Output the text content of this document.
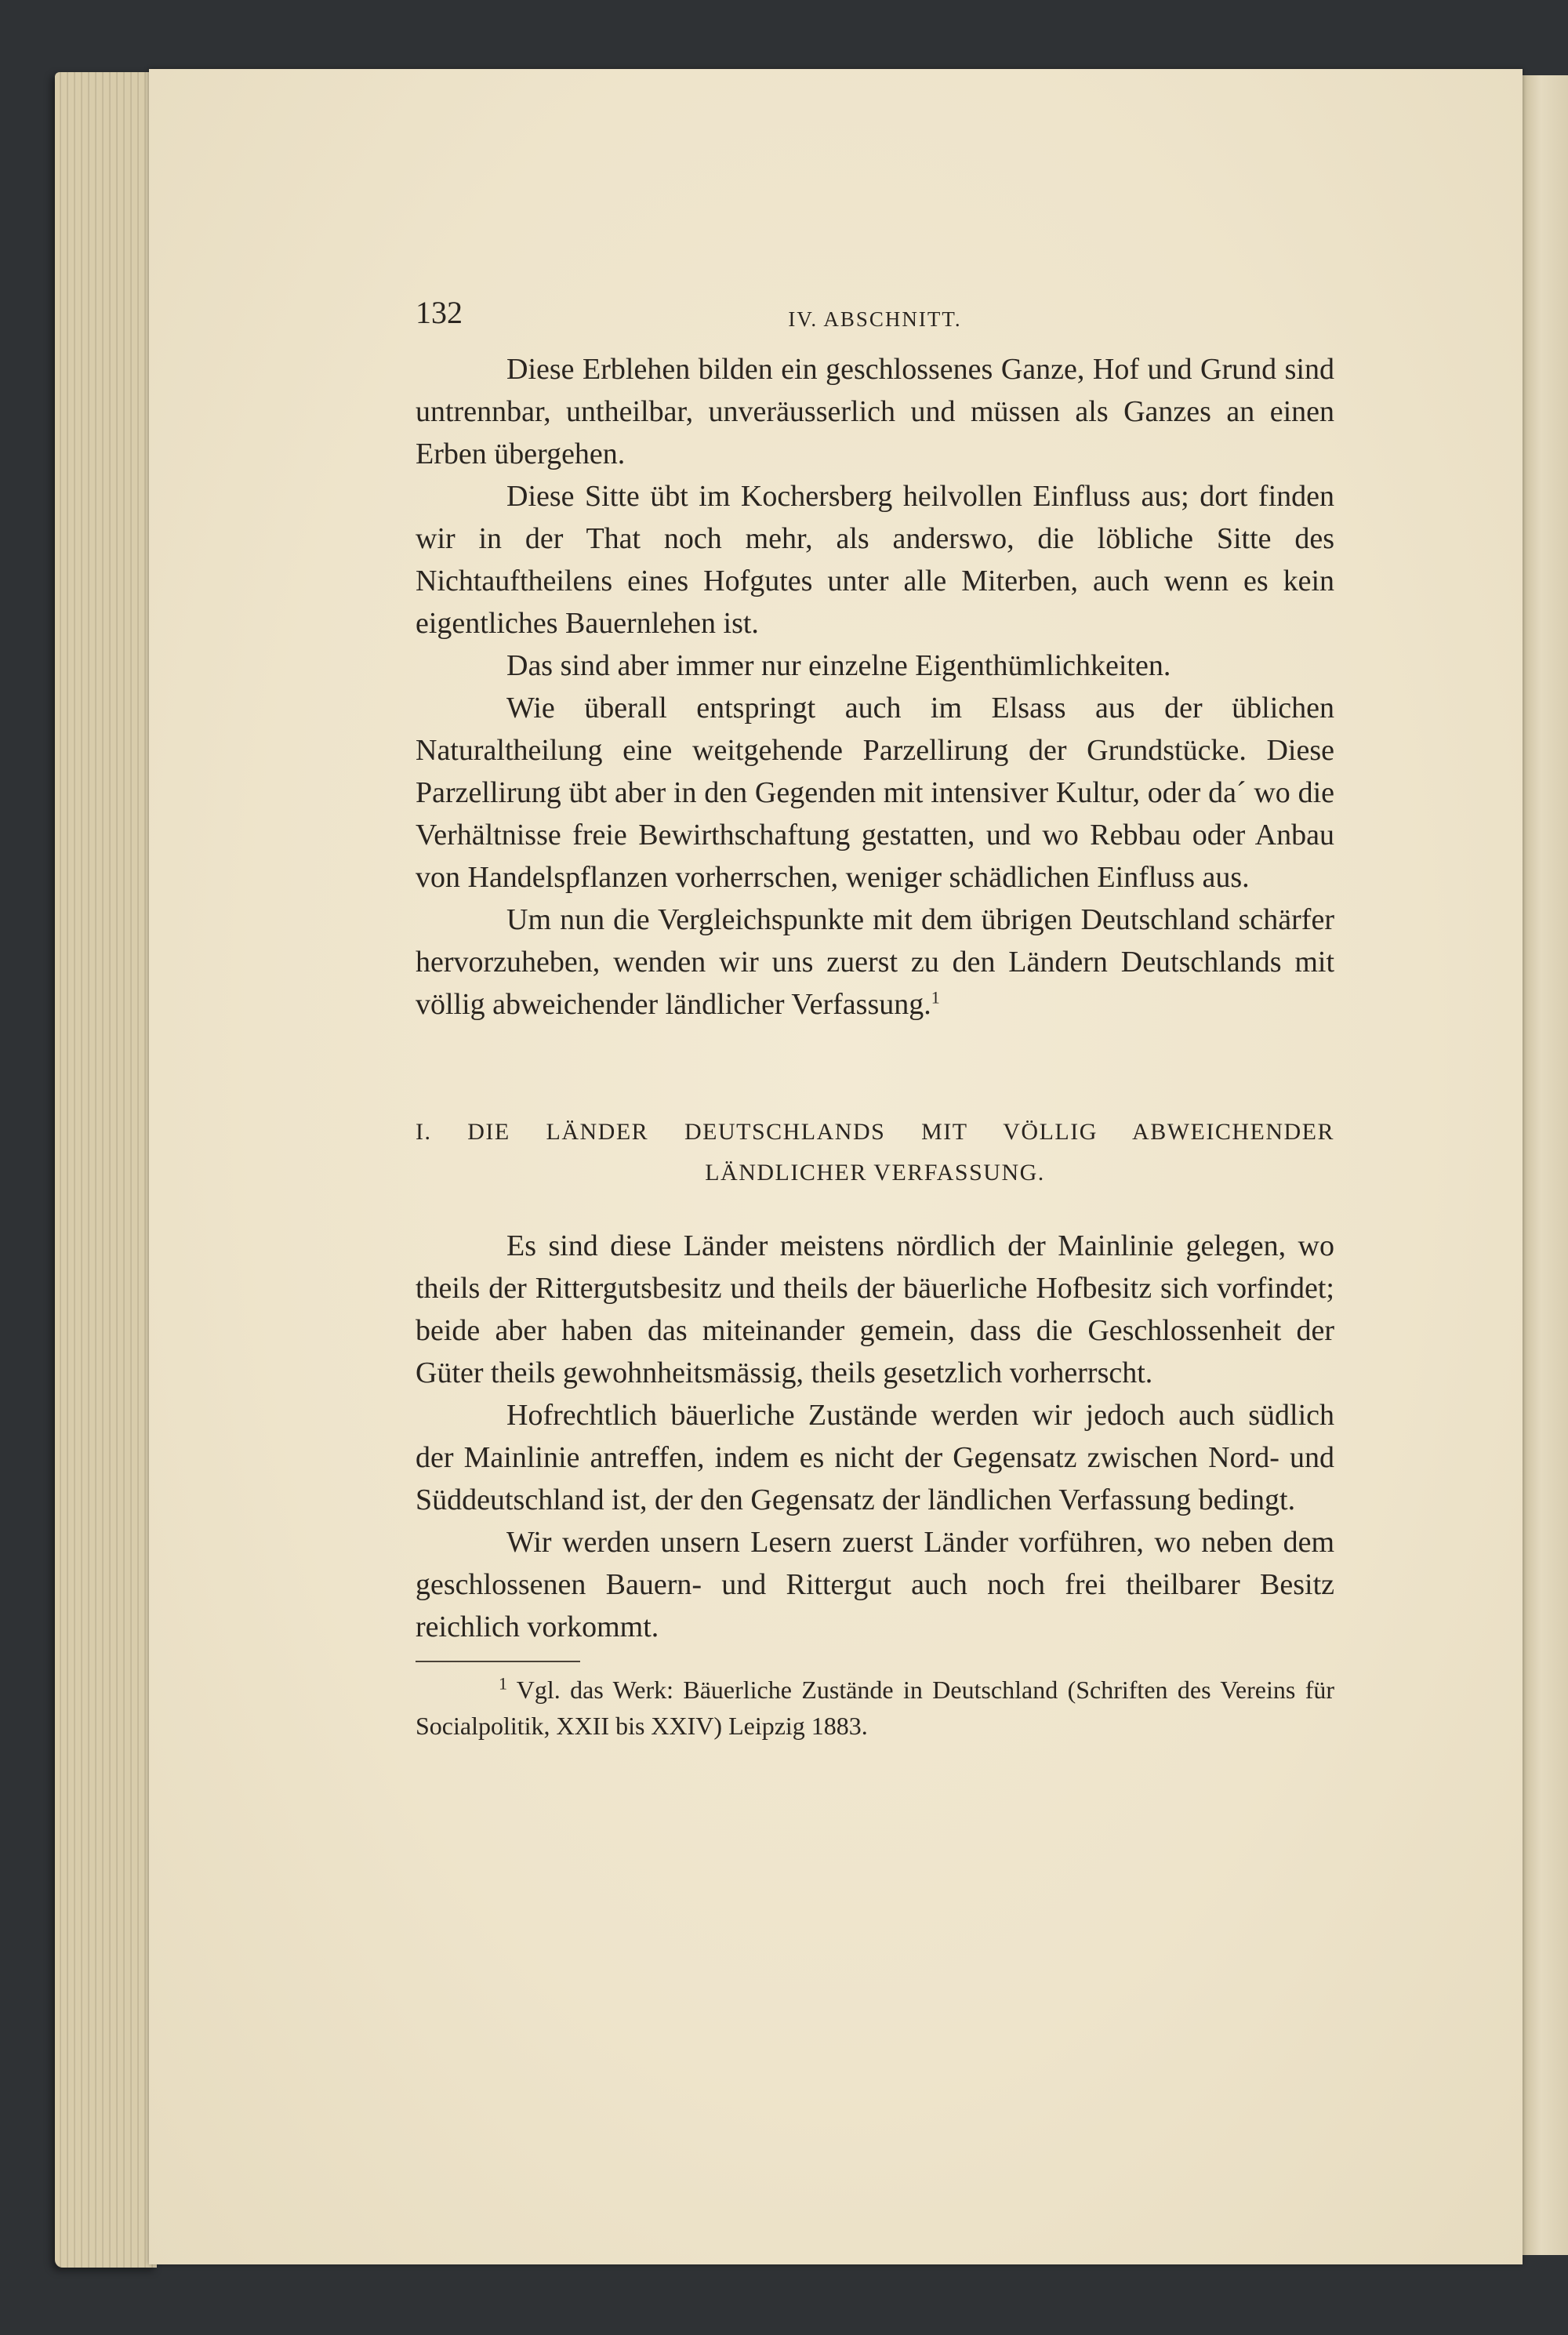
132	IV. ABSCHNITT.

Diese Erblehen bilden ein geschlossenes Ganze, Hof und Grund sind untrennbar, untheilbar, unveräusserlich und müssen als Ganzes an einen Erben übergehen.

Diese Sitte übt im Kochersberg heilvollen Einfluss aus; dort finden wir in der That noch mehr, als anderswo, die löbliche Sitte des Nichtauftheilens eines Hofgutes unter alle Miterben, auch wenn es kein eigentliches Bauernlehen ist.

Das sind aber immer nur einzelne Eigenthümlichkeiten.

Wie überall entspringt auch im Elsass aus der üblichen Naturaltheilung eine weitgehende Parzellirung der Grundstücke. Diese Parzellirung übt aber in den Gegenden mit intensiver Kultur, oder da´ wo die Verhältnisse freie Bewirthschaftung gestatten, und wo Rebbau oder Anbau von Handelspflanzen vorherrschen, weniger schädlichen Einfluss aus.

Um nun die Vergleichspunkte mit dem übrigen Deutschland schärfer hervorzuheben, wenden wir uns zuerst zu den Ländern Deutschlands mit völlig abweichender ländlicher Verfassung.$^1$

I. DIE LÄNDER DEUTSCHLANDS MIT VÖLLIG ABWEICHENDER
LÄNDLICHER VERFASSUNG.

Es sind diese Länder meistens nördlich der Mainlinie gelegen, wo theils der Rittergutsbesitz und theils der bäuerliche Hofbesitz sich vorfindet; beide aber haben das miteinander gemein, dass die Geschlossenheit der Güter theils gewohnheitsmässig, theils gesetzlich vorherrscht.

Hofrechtlich bäuerliche Zustände werden wir jedoch auch südlich der Mainlinie antreffen, indem es nicht der Gegensatz zwischen Nord- und Süddeutschland ist, der den Gegensatz der ländlichen Verfassung bedingt.

Wir werden unsern Lesern zuerst Länder vorführen, wo neben dem geschlossenen Bauern- und Rittergut auch noch frei theilbarer Besitz reichlich vorkommt.

$^1$ Vgl. das Werk: Bäuerliche Zustände in Deutschland (Schriften des Vereins für Socialpolitik, XXII bis XXIV) Leipzig 1883.
